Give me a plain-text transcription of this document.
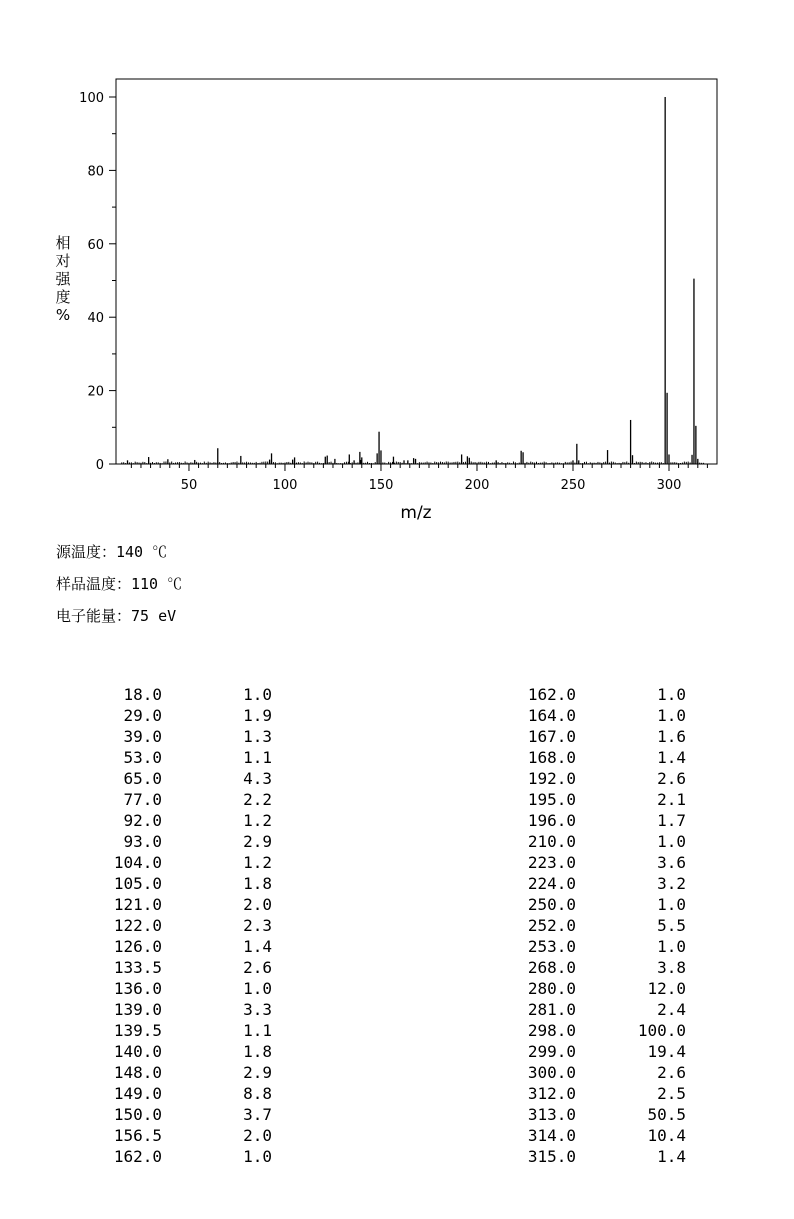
0
20
40
60
80
100
50	100	150	200	250	300
m/z
相对强度%
源温度：140 ℃
样品温度：110 ℃
电子能量：75 eV
18.0	1.0
29.0	1.9
39.0	1.3
53.0	1.1
65.0	4.3
77.0	2.2
92.0	1.2
93.0	2.9
104.0	1.2
105.0	1.8
121.0	2.0
122.0	2.3
126.0	1.4
133.5	2.6
136.0	1.0
139.0	3.3
139.5	1.1
140.0	1.8
148.0	2.9
149.0	8.8
150.0	3.7
156.5	2.0
162.0	1.0
162.0	1.0
164.0	1.0
167.0	1.6
168.0	1.4
192.0	2.6
195.0	2.1
196.0	1.7
210.0	1.0
223.0	3.6
224.0	3.2
250.0	1.0
252.0	5.5
253.0	1.0
268.0	3.8
280.0	12.0
281.0	2.4
298.0	100.0
299.0	19.4
300.0	2.6
312.0	2.5
313.0	50.5
314.0	10.4
315.0	1.4
